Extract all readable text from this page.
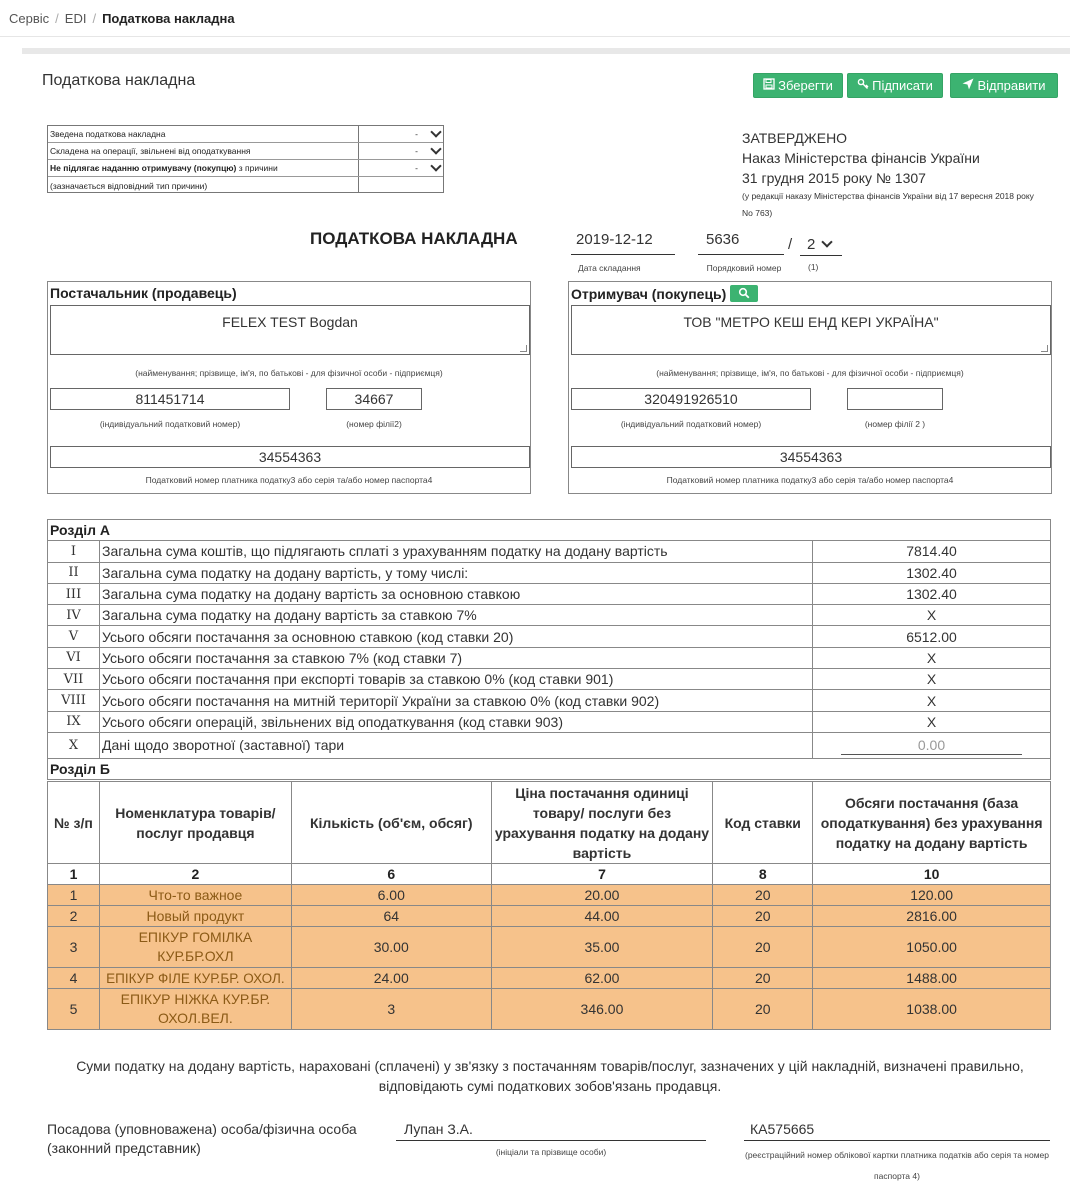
Сервіс / EDI / Податкова накладна
Податкова накладна	Зберегти	Підписати	Відправити
Зведена податкова накладна	-
Складена на операції, звільнені від оподаткування	-
Не підлягає наданню отримувачу (покупцю) з причини	-
(зазначається відповідний тип причини)
ЗАТВЕРДЖЕНО
Наказ Міністерства фінансів України
31 грудня 2015 року № 1307
(у редакції наказу Міністерства фінансів України від 17 вересня 2018 року No 763)
ПОДАТКОВА НАКЛАДНА	2019-12-12
Дата складання
5636
Порядковий номер
/ 2
(1)
Постачальник (продавець)
FELEX TEST Bogdan
(найменування; прізвище, ім'я, по батькові - для фізичної особи - підприємця)
811451714
(індивідуальний податковий номер)
34667
(номер філії2)
34554363
Податковий номер платника податку3 або серія та/або номер паспорта4
Отримувач (покупець)
ТОВ "МЕТРО КЕШ ЕНД КЕРІ УКРАЇНА"
(найменування; прізвище, ім'я, по батькові - для фізичної особи - підприємця)
320491926510
(індивідуальний податковий номер)	(номер філії 2 )
34554363
Податковий номер платника податку3 або серія та/або номер паспорта4
Розділ А		
I	Загальна сума коштів, що підлягають сплаті з урахуванням податку на додану вартість	7814.40
II	Загальна сума податку на додану вартість, у тому числі:	1302.40
III	Загальна сума податку на додану вартість за основною ставкою	1302.40
IV	Загальна сума податку на додану вартість за ставкою 7%	X
V	Усього обсяги постачання за основною ставкою (код ставки 20)	6512.00
VI	Усього обсяги постачання за ставкою 7% (код ставки 7)	X
VII	Усього обсяги постачання при експорті товарів за ставкою 0% (код ставки 901)	X
VIII	Усього обсяги постачання на митній території України за ставкою 0% (код ставки 902)	X
IX	Усього обсяги операцій, звільнених від оподаткування (код ставки 903)	X
X	Дані щодо зворотної (заставної) тари	0.00

Розділ Б		
№ з/п	Номенклатура товарів/ послуг продавця	Кількість (об'єм, обсяг)	Ціна постачання одиниці товару/ послуги без урахування податку на додану вартість	Код ставки	Обсяги постачання (база оподаткування) без урахування податку на додану вартість
1	2	6	7	8	10
1	Что-то важное	6.00	20.00	20	120.00
2	Новый продукт	64	44.00	20	2816.00
3	ЕПІКУР ГОМІЛКА КУР.БР.ОХЛ	30.00	35.00	20	1050.00
4	ЕПІКУР ФІЛЕ КУР.БР. ОХОЛ.	24.00	62.00	20	1488.00
5	ЕПІКУР НІЖКА КУР.БР. ОХОЛ.ВЕЛ.	3	346.00	20	1038.00
Суми податку на додану вартість, нараховані (сплачені) у зв'язку з постачанням товарів/послуг, зазначених у цій накладній, визначені правильно, відповідають сумі податкових зобов'язань продавця.
Посадова (уповноважена) особа/фізична особа (законний представник)
Лупан З.А.
(ініціали та прізвище особи)
КА575665
(реєстраційний номер облікової картки платника податків або серія та номер паспорта 4)
